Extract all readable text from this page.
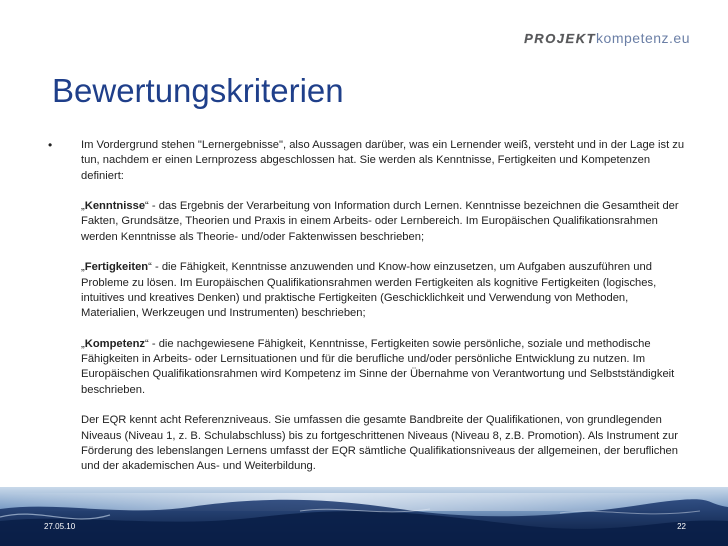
PROJEKT kompetenz.eu
Bewertungskriterien
•	Im Vordergrund stehen "Lernergebnisse", also Aussagen darüber, was ein Lernender weiß, versteht und in der Lage ist zu tun, nachdem er einen Lernprozess abgeschlossen hat. Sie werden als Kenntnisse, Fertigkeiten und Kompetenzen definiert:

„Kenntnisse“ - das Ergebnis der Verarbeitung von Information durch Lernen. Kenntnisse bezeichnen die Gesamtheit der Fakten, Grundsätze, Theorien und Praxis in einem Arbeits- oder Lernbereich. Im Europäischen Qualifikationsrahmen werden Kenntnisse als Theorie- und/oder Faktenwissen beschrieben;

„Fertigkeiten“ - die Fähigkeit, Kenntnisse anzuwenden und Know-how einzusetzen, um Aufgaben auszuführen und Probleme zu lösen. Im Europäischen Qualifikationsrahmen werden Fertigkeiten als kognitive Fertigkeiten (logisches, intuitives und kreatives Denken) und praktische Fertigkeiten (Geschicklichkeit und Verwendung von Methoden, Materialien, Werkzeugen und Instrumenten) beschrieben;

„Kompetenz“ - die nachgewiesene Fähigkeit, Kenntnisse, Fertigkeiten sowie persönliche, soziale und methodische Fähigkeiten in Arbeits- oder Lernsituationen und für die berufliche und/oder persönliche Entwicklung zu nutzen. Im Europäischen Qualifikationsrahmen wird Kompetenz im Sinne der Übernahme von Verantwortung und Selbstständigkeit beschrieben.

Der EQR kennt acht Referenzniveaus. Sie umfassen die gesamte Bandbreite der Qualifikationen, von grundlegenden Niveaus (Niveau 1, z. B. Schulabschluss) bis zu fortgeschrittenen Niveaus (Niveau 8, z.B. Promotion). Als Instrument zur Förderung des lebenslangen Lernens umfasst der EQR sämtliche Qualifikationsniveaus der allgemeinen, der beruflichen und der akademischen Aus- und Weiterbildung.

27.05.10	22
